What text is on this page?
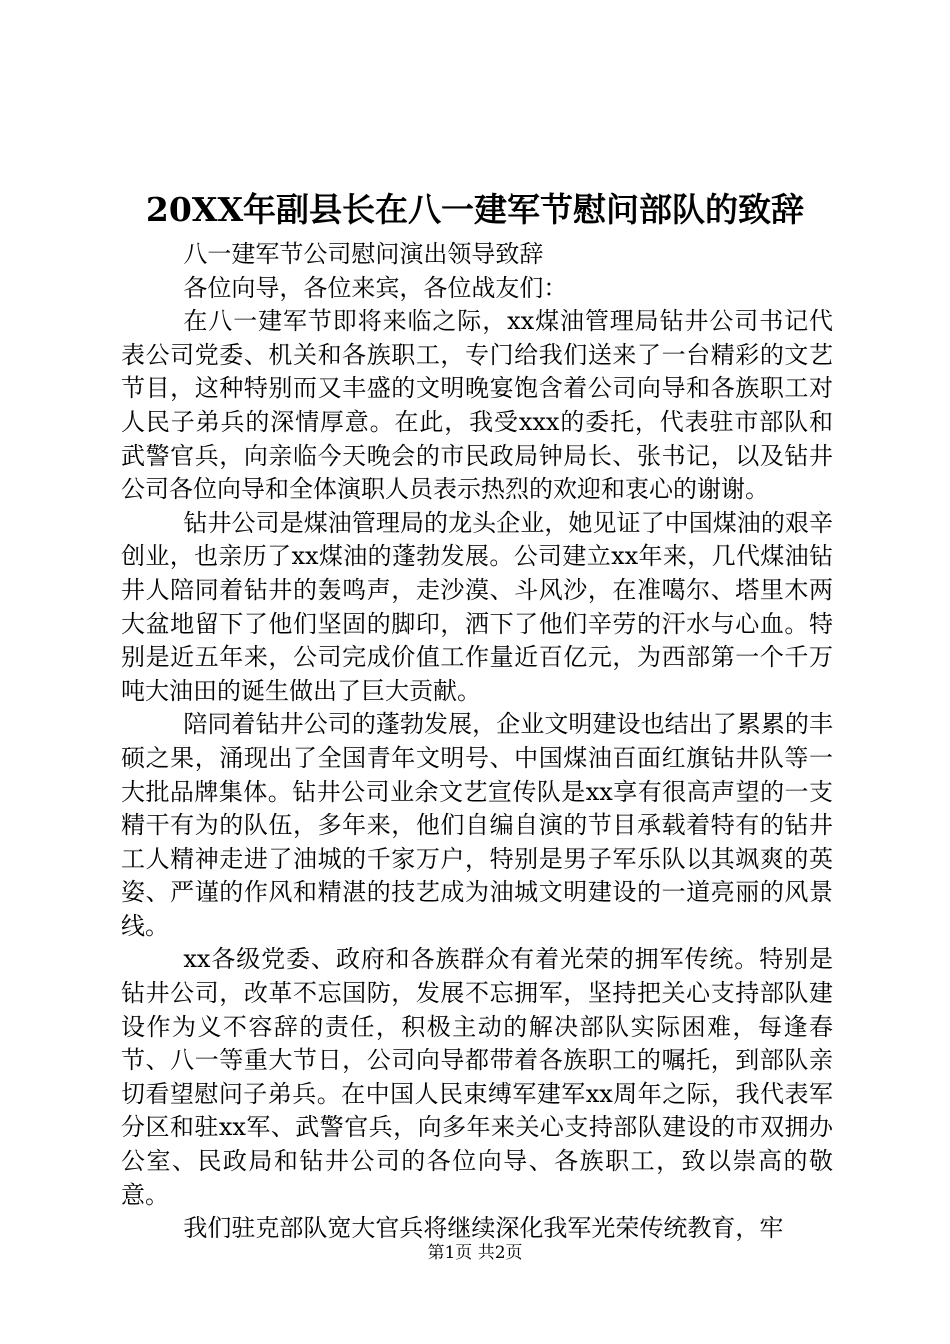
20XX年副县长在八一建军节慰问部队的致辞

八一建军节公司慰问演出领导致辞

各位向导，各位来宾，各位战友们：

在八一建军节即将来临之际，xx煤油管理局钻井公司书记代表公司党委、机关和各族职工，专门给我们送来了一台精彩的文艺节目，这种特别而又丰盛的文明晚宴饱含着公司向导和各族职工对人民子弟兵的深情厚意。在此，我受xxx的委托，代表驻市部队和武警官兵，向亲临今天晚会的市民政局钟局长、张书记，以及钻井公司各位向导和全体演职人员表示热烈的欢迎和衷心的谢谢。

钻井公司是煤油管理局的龙头企业，她见证了中国煤油的艰辛创业，也亲历了xx煤油的蓬勃发展。公司建立xx年来，几代煤油钻井人陪同着钻井的轰鸣声，走沙漠、斗风沙，在准噶尔、塔里木两大盆地留下了他们坚固的脚印，洒下了他们辛劳的汗水与心血。特别是近五年来，公司完成价值工作量近百亿元，为西部第一个千万吨大油田的诞生做出了巨大贡献。

陪同着钻井公司的蓬勃发展，企业文明建设也结出了累累的丰硕之果，涌现出了全国青年文明号、中国煤油百面红旗钻井队等一大批品牌集体。钻井公司业余文艺宣传队是xx享有很高声望的一支精干有为的队伍，多年来，他们自编自演的节目承载着特有的钻井工人精神走进了油城的千家万户，特别是男子军乐队以其飒爽的英姿、严谨的作风和精湛的技艺成为油城文明建设的一道亮丽的风景线。

xx各级党委、政府和各族群众有着光荣的拥军传统。特别是钻井公司，改革不忘国防，发展不忘拥军，坚持把关心支持部队建设作为义不容辞的责任，积极主动的解决部队实际困难，每逢春节、八一等重大节日，公司向导都带着各族职工的嘱托，到部队亲切看望慰问子弟兵。在中国人民束缚军建军xx周年之际，我代表军分区和驻xx军、武警官兵，向多年来关心支持部队建设的市双拥办公室、民政局和钻井公司的各位向导、各族职工，致以崇高的敬意。

我们驻克部队宽大官兵将继续深化我军光荣传统教育，牢

第1页 共2页
